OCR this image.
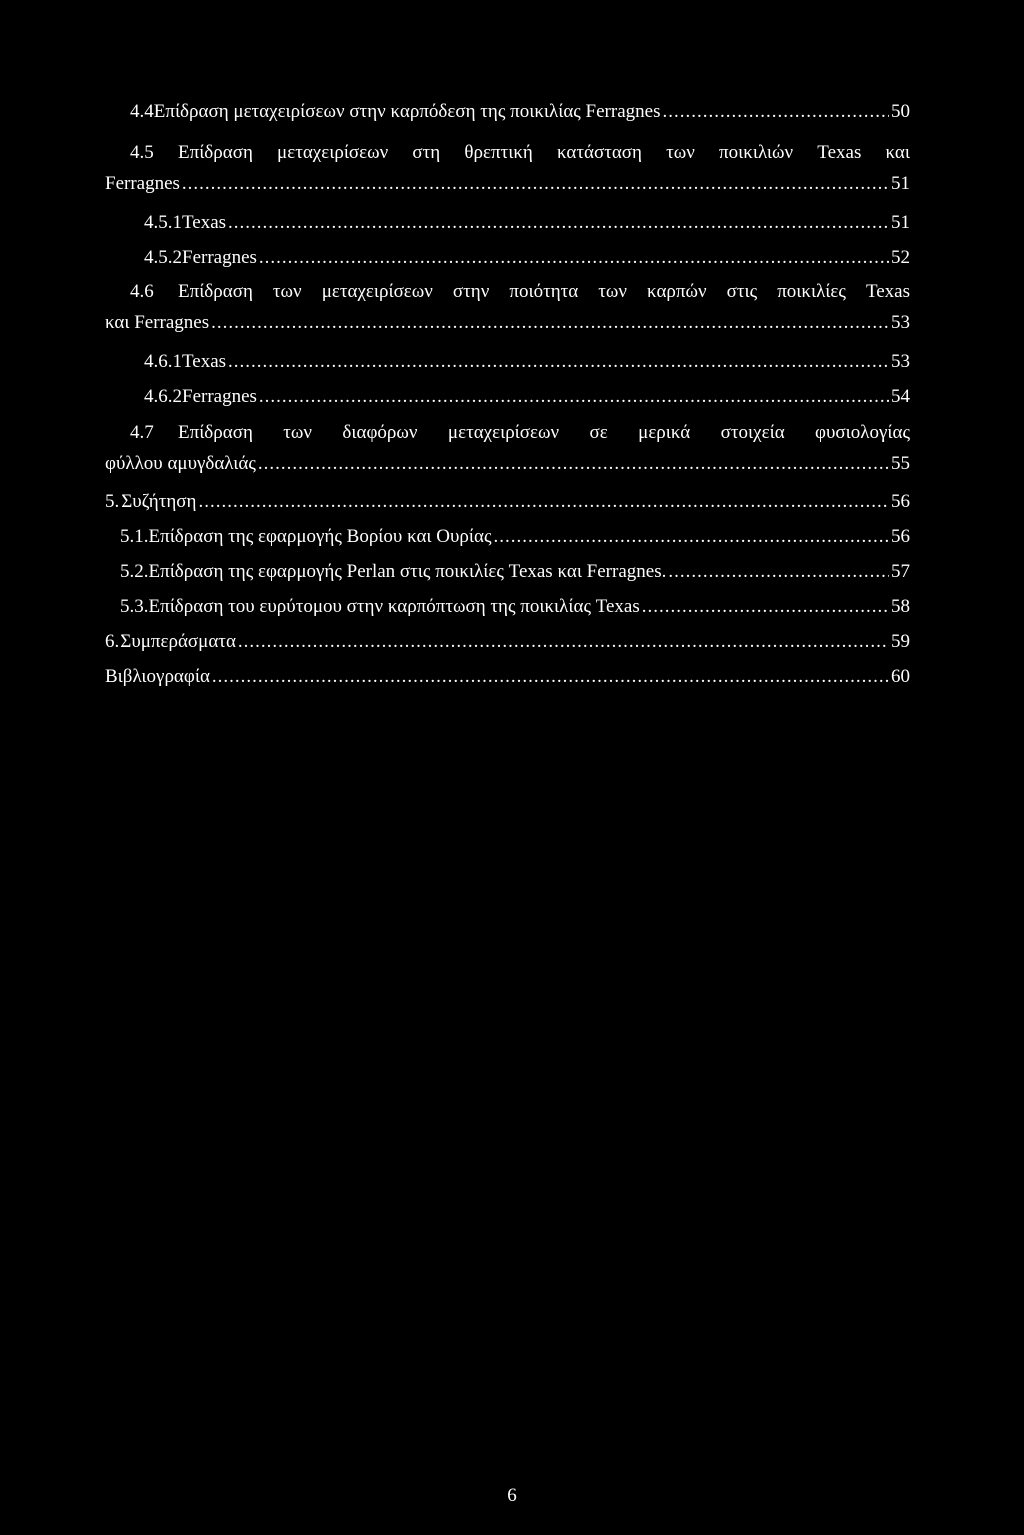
4.4 Επίδραση μεταχειρίσεων στην καρπόδεση της ποικιλίας Ferragnes .....	50
4.5	Επίδραση μεταχειρίσεων στη θρεπτική κατάσταση των ποικιλιών Texas και
Ferragnes .....	51
4.5.1 Texas .....	51
4.5.2 Ferragnes .....	52
4.6	Επίδραση των μεταχειρίσεων στην ποιότητα των καρπών στις ποικιλίες Texas
και Ferragnes .....	53
4.6.1 Texas .....	53
4.6.2 Ferragnes .....	54
4.7	Επίδραση των διαφόρων μεταχειρίσεων σε μερικά στοιχεία φυσιολογίας
φύλλου αμυγδαλιάς .....	55
5. Συζήτηση .....	56
5.1. Επίδραση της εφαρμογής Βορίου και Ουρίας .....	56
5.2. Επίδραση της εφαρμογής Perlan στις ποικιλίες Texas και Ferragnes. .....	57
5.3. Επίδραση του ευρύτομου στην καρπόπτωση της ποικιλίας Texas .....	58
6. Συμπεράσματα .....	59
Βιβλιογραφία .....	60
6
